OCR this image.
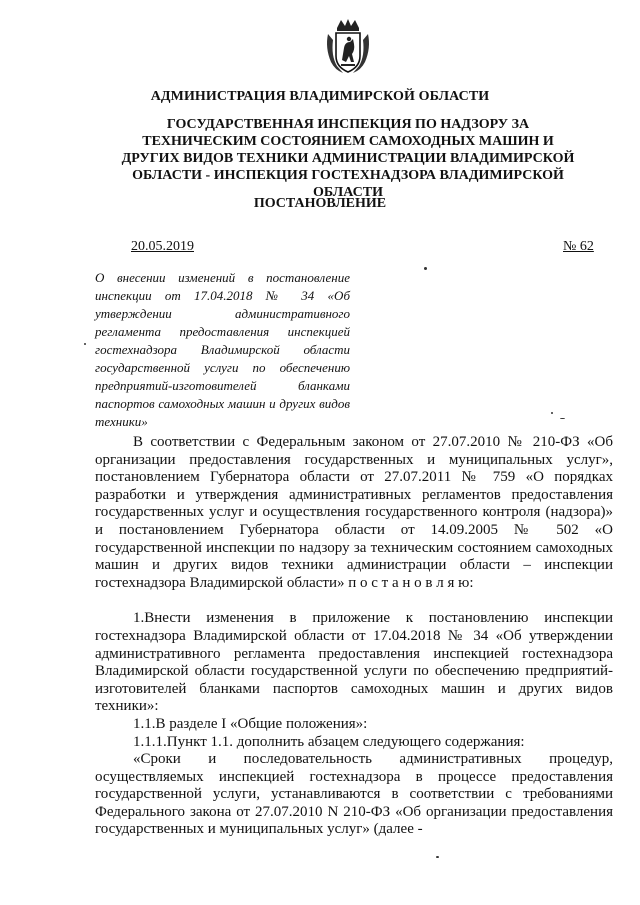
АДМИНИСТРАЦИЯ ВЛАДИМИРСКОЙ ОБЛАСТИ
ГОСУДАРСТВЕННАЯ ИНСПЕКЦИЯ ПО НАДЗОРУ ЗА ТЕХНИЧЕСКИМ СОСТОЯНИЕМ САМОХОДНЫХ МАШИН И ДРУГИХ ВИДОВ ТЕХНИКИ АДМИНИСТРАЦИИ ВЛАДИМИРСКОЙ ОБЛАСТИ - ИНСПЕКЦИЯ ГОСТЕХНАДЗОРА ВЛАДИМИРСКОЙ ОБЛАСТИ
ПОСТАНОВЛЕНИЕ
20.05.2019	№ 62
О внесении изменений в постановление инспекции от 17.04.2018 № 34 «Об утверждении административного регламента предоставления инспекцией гостехнадзора Владимирской области государственной услуги по обеспечению предприятий-изготовителей бланками паспортов самоходных машин и других видов техники»

В соответствии с Федеральным законом от 27.07.2010 № 210-ФЗ «Об организации предоставления государственных и муниципальных услуг», постановлением Губернатора области от 27.07.2011 № 759 «О порядках разработки и утверждения административных регламентов предоставления государственных услуг и осуществления государственного контроля (надзора)» и постановлением Губернатора области от 14.09.2005 № 502 «О государственной инспекции по надзору за техническим состоянием самоходных машин и других видов техники администрации области – инспекции гостехнадзора Владимирской области» п о с т а н о в л я ю:

1.Внести изменения в приложение к постановлению инспекции гостехнадзора Владимирской области от 17.04.2018 № 34 «Об утверждении административного регламента предоставления инспекцией гостехнадзора Владимирской области государственной услуги по обеспечению предприятий-изготовителей бланками паспортов самоходных машин и других видов техники»:

1.1.В разделе I «Общие положения»:

1.1.1.Пункт 1.1. дополнить абзацем следующего содержания:

«Сроки и последовательность административных процедур, осуществляемых инспекцией гостехнадзора в процессе предоставления государственной услуги, устанавливаются в соответствии с требованиями Федерального закона от 27.07.2010 N 210-ФЗ «Об организации предоставления государственных и муниципальных услуг» (далее -
